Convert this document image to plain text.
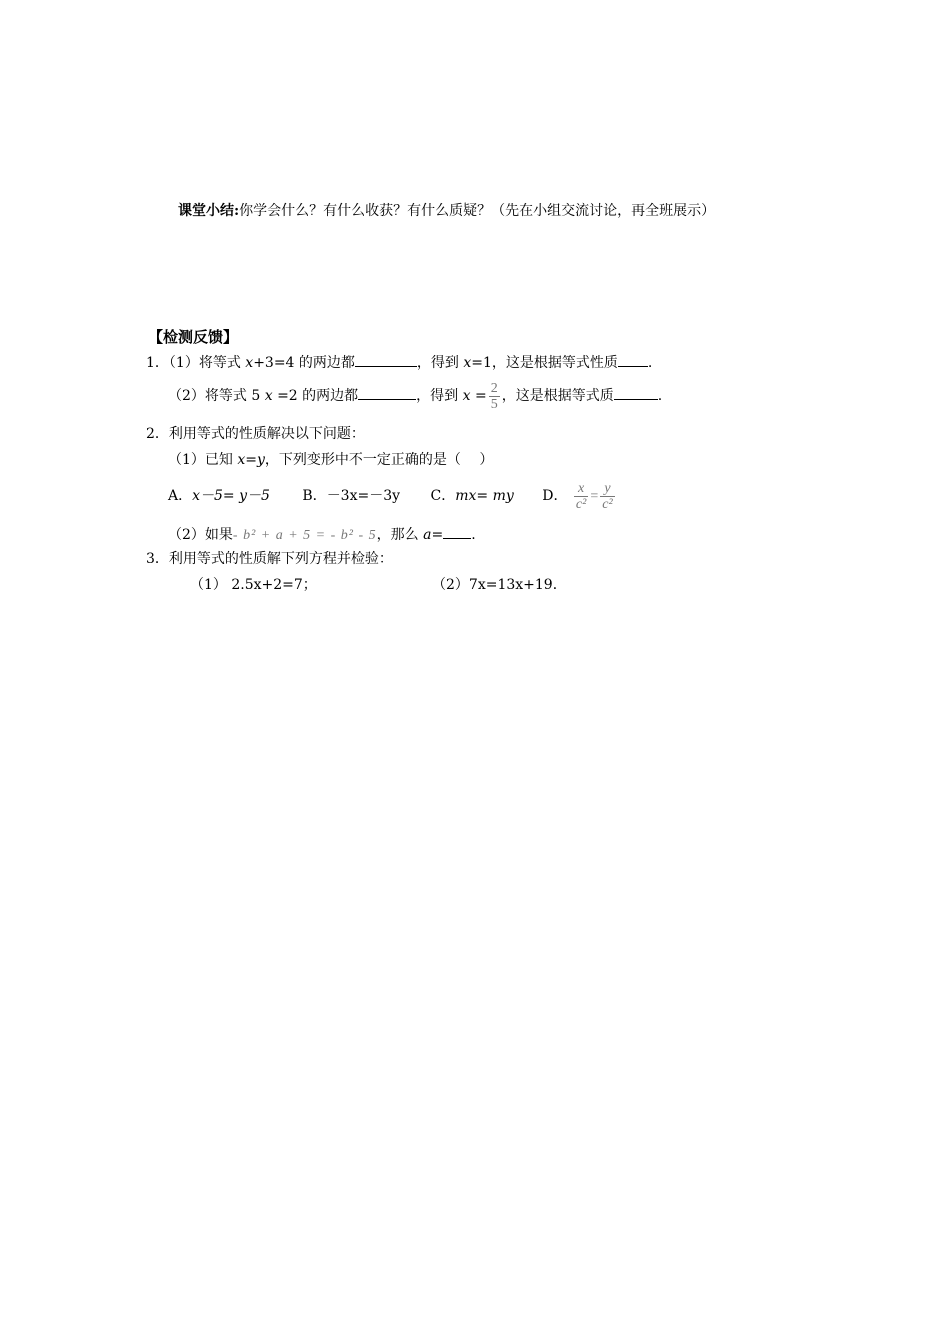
课堂小结:你学会什么？有什么收获？有什么质疑？（先在小组交流讨论，再全班展示）
【检测反馈】
1．（1）将等式 x+3=4 的两边都	，得到 x=1，这是根据等式性质 .
（2）将等式 5 x =2 的两边都	，得到 $x = \frac{2}{5}$ ，这是根据等式质	.
2．利用等式的性质解决以下问题：
（1）已知 x=y，下列变形中不一定正确的是（　 ）
A．x－5= y－5 B．－3x=－3y C．mx= my D． $\frac{x}{\text{c²}} = \frac{y}{\text{c²}}$
（2）如果- b² + a + 5 = - b² - 5，那么 a= .
3．利用等式的性质解下列方程并检验：
（1） 2.5x+2=7；	（2）7x=13x+19．
